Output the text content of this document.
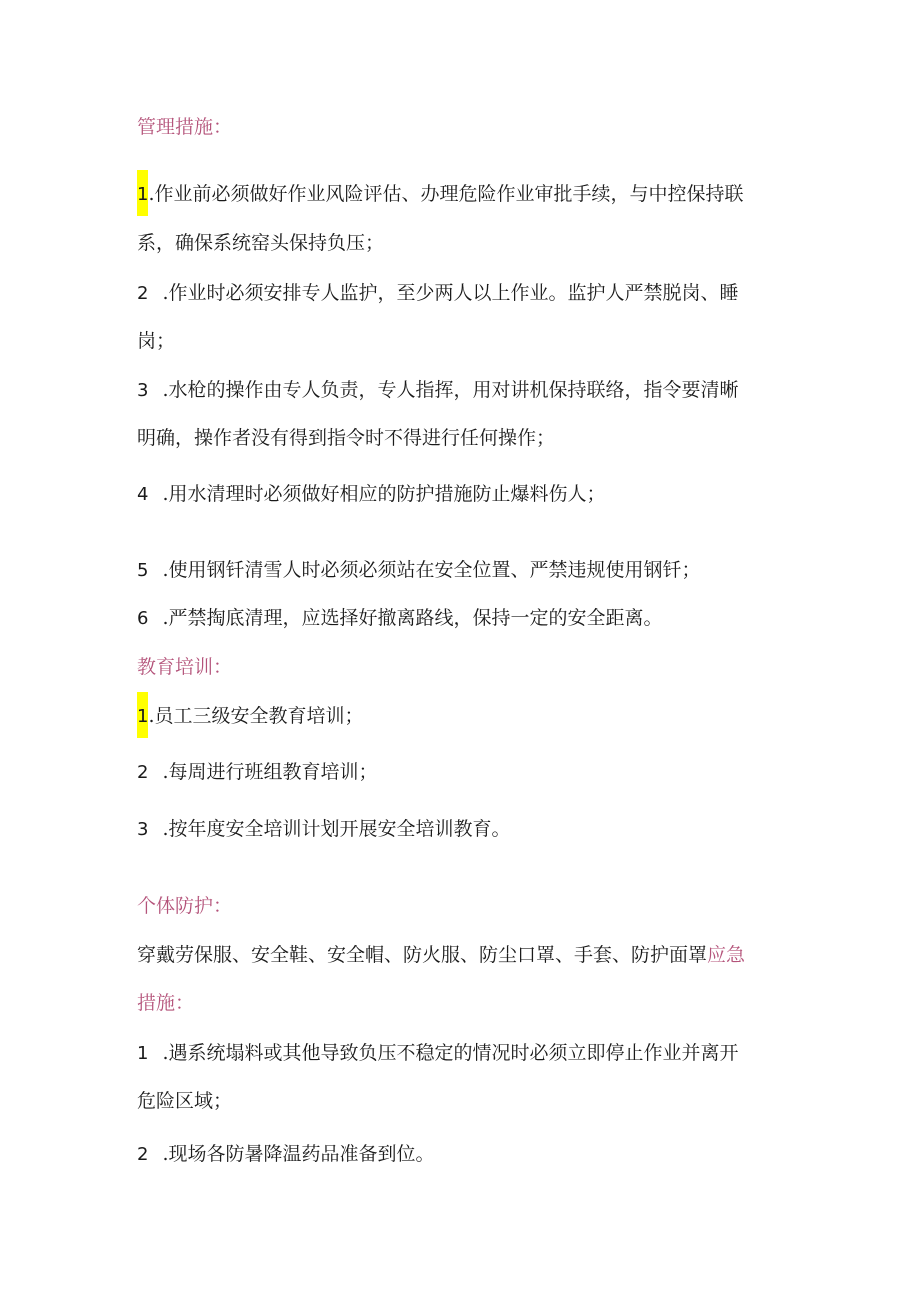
管理措施：
1.作业前必须做好作业风险评估、办理危险作业审批手续，与中控保持联
系，确保系统窑头保持负压；
2 .作业时必须安排专人监护，至少两人以上作业。监护人严禁脱岗、睡
岗；
3 .水枪的操作由专人负责，专人指挥，用对讲机保持联络，指令要清晰
明确，操作者没有得到指令时不得进行任何操作；
4 .用水清理时必须做好相应的防护措施防止爆料伤人；
5 .使用钢钎清雪人时必须必须站在安全位置、严禁违规使用钢钎；
6 .严禁掏底清理，应选择好撤离路线，保持一定的安全距离。
教育培训：
1.员工三级安全教育培训；
2 .每周进行班组教育培训；
3 .按年度安全培训计划开展安全培训教育。
个体防护：
穿戴劳保服、安全鞋、安全帽、防火服、防尘口罩、手套、防护面罩应急
措施：
1 .遇系统塌料或其他导致负压不稳定的情况时必须立即停止作业并离开
危险区域；
2 .现场各防暑降温药品准备到位。
